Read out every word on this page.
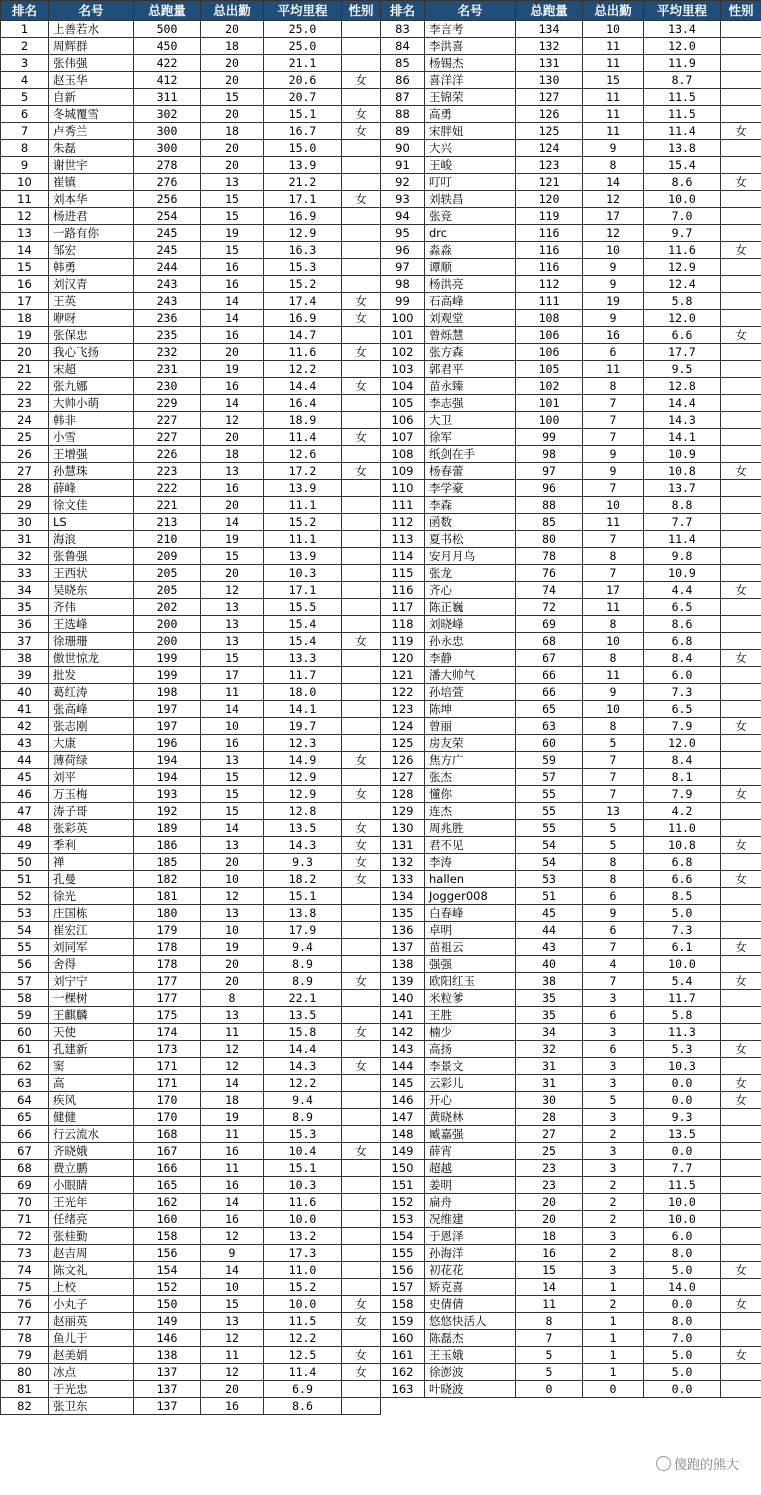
排名	名号	总跑量	总出勤	平均里程	性别
1	上善若水	500	20	25.0	
2	周辉群	450	18	25.0	
3	张伟强	422	20	21.1	
4	赵玉华	412	20	20.6	女
5	自新	311	15	20.7	
6	冬城覆雪	302	20	15.1	女
7	卢秀兰	300	18	16.7	女
8	朱磊	300	20	15.0	
9	谢世宇	278	20	13.9	
10	崔镇	276	13	21.2	
11	刘本华	256	15	17.1	女
12	杨进君	254	15	16.9	
13	一路有你	245	19	12.9	
14	邹宏	245	15	16.3	
15	韩勇	244	16	15.3	
16	刘汉青	243	16	15.2	
17	王英	243	14	17.4	女
18	咿呀	236	14	16.9	女
19	张保忠	235	16	14.7	
20	我心飞扬	232	20	11.6	女
21	宋超	231	19	12.2	
22	张九娜	230	16	14.4	女
23	大帅小萌	229	14	16.4	
24	韩非	227	12	18.9	
25	小雪	227	20	11.4	女
26	王增强	226	18	12.6	
27	孙慧珠	223	13	17.2	女
28	薛峰	222	16	13.9	
29	徐文佳	221	20	11.1	
30	LS	213	14	15.2	
31	海浪	210	19	11.1	
32	张鲁强	209	15	13.9	
33	王西状	205	20	10.3	
34	吴晓东	205	12	17.1	
35	齐伟	202	13	15.5	
36	王选峰	200	13	15.4	
37	徐珊珊	200	13	15.4	女
38	傲世惊龙	199	15	13.3	
39	批发	199	17	11.7	
40	葛红涛	198	11	18.0	
41	张高峰	197	14	14.1	
42	张志刚	197	10	19.7	
43	大康	196	16	12.3	
44	薄荷绿	194	13	14.9	女
45	刘平	194	15	12.9	
46	万玉梅	193	15	12.9	女
47	涛子哥	192	15	12.8	
48	张彩英	189	14	13.5	女
49	季利	186	13	14.3	女
50	禅	185	20	9.3	女
51	孔曼	182	10	18.2	女
52	徐光	181	12	15.1	
53	庄国栋	180	13	13.8	
54	崔宏江	179	10	17.9	
55	刘同军	178	19	9.4	
56	舍得	178	20	8.9	
57	刘宁宁	177	20	8.9	女
58	一棵树	177	8	22.1	
59	王麒麟	175	13	13.5	
60	天使	174	11	15.8	女
61	孔建新	173	12	14.4	
62	窦	171	12	14.3	女
63	高	171	14	12.2	
64	疾风	170	18	9.4	
65	健健	170	19	8.9	
66	行云流水	168	11	15.3	
67	齐晓娥	167	16	10.4	女
68	费立鹏	166	11	15.1	
69	小眼睛	165	16	10.3	
70	王光年	162	14	11.6	
71	任绪亮	160	16	10.0	
72	张桂勤	158	12	13.2	
73	赵吉周	156	9	17.3	
74	陈文礼	154	14	11.0	
75	上校	152	10	15.2	
76	小丸子	150	15	10.0	女
77	赵丽英	149	13	11.5	女
78	鱼儿于	146	12	12.2	
79	赵美娟	138	11	12.5	女
80	冰点	137	12	11.4	女
81	于光忠	137	20	6.9	
82	张卫东	137	16	8.6	
排名	名号	总跑量	总出勤	平均里程	性别
83	李言考	134	10	13.4	
84	李洪喜	132	11	12.0	
85	杨锡杰	131	11	11.9	
86	喜洋洋	130	15	8.7	
87	王锦荣	127	11	11.5	
88	高勇	126	11	11.5	
89	宋胖妞	125	11	11.4	女
90	大兴	124	9	13.8	
91	王峻	123	8	15.4	
92	叮叮	121	14	8.6	女
93	刘轶昌	120	12	10.0	
94	张竞	119	17	7.0	
95	drc	116	12	9.7	
96	淼淼	116	10	11.6	女
97	谭顺	116	9	12.9	
98	杨洪亮	112	9	12.4	
99	石高峰	111	19	5.8	
100	刘观堂	108	9	12.0	
101	曾烁慧	106	16	6.6	女
102	张方森	106	6	17.7	
103	郭君平	105	11	9.5	
104	苗永臻	102	8	12.8	
105	李志强	101	7	14.4	
106	大卫	100	7	14.3	
107	徐军	99	7	14.1	
108	纸剑在手	98	9	10.9	
109	杨春蕾	97	9	10.8	女
110	李学豪	96	7	13.7	
111	李森	88	10	8.8	
112	函数	85	11	7.7	
113	夏书松	80	7	11.4	
114	安月月乌	78	8	9.8	
115	张龙	76	7	10.9	
116	齐心	74	17	4.4	女
117	陈正巍	72	11	6.5	
118	刘晓峰	69	8	8.6	
119	孙永忠	68	10	6.8	
120	李静	67	8	8.4	女
121	潘大帅气	66	11	6.0	
122	孙培萱	66	9	7.3	
123	陈坤	65	10	6.5	
124	曾丽	63	8	7.9	女
125	房友荣	60	5	12.0	
126	焦方广	59	7	8.4	
127	张杰	57	7	8.1	
128	懂你	55	7	7.9	女
129	连杰	55	13	4.2	
130	周兆胜	55	5	11.0	
131	君不见	54	5	10.8	女
132	李涛	54	8	6.8	
133	hallen	53	8	6.6	女
134	Jogger008	51	6	8.5	
135	白春峰	45	9	5.0	
136	卓明	44	6	7.3	
137	苗祖云	43	7	6.1	女
138	强强	40	4	10.0	
139	欧阳红玉	38	7	5.4	女
140	米粒爹	35	3	11.7	
141	王胜	35	6	5.8	
142	楠少	34	3	11.3	
143	高扬	32	6	5.3	女
144	李景文	31	3	10.3	
145	云彩儿	31	3	0.0	女
146	开心	30	5	0.0	女
147	黄晓林	28	3	9.3	
148	臧嘉强	27	2	13.5	
149	薛宵	25	3	0.0	
150	超越	23	3	7.7	
151	姜明	23	2	11.5	
152	扁舟	20	2	10.0	
153	况维建	20	2	10.0	
154	于恩泽	18	3	6.0	
155	孙海洋	16	2	8.0	
156	初花花	15	3	5.0	女
157	矫克喜	14	1	14.0	
158	史倩倩	11	2	0.0	女
159	悠悠快活人	8	1	8.0	
160	陈磊杰	7	1	7.0	
161	王玉娥	5	1	5.0	女
162	徐澎波	5	1	5.0	
163	叶晓波	0	0	0.0	
傻跑的熊大
